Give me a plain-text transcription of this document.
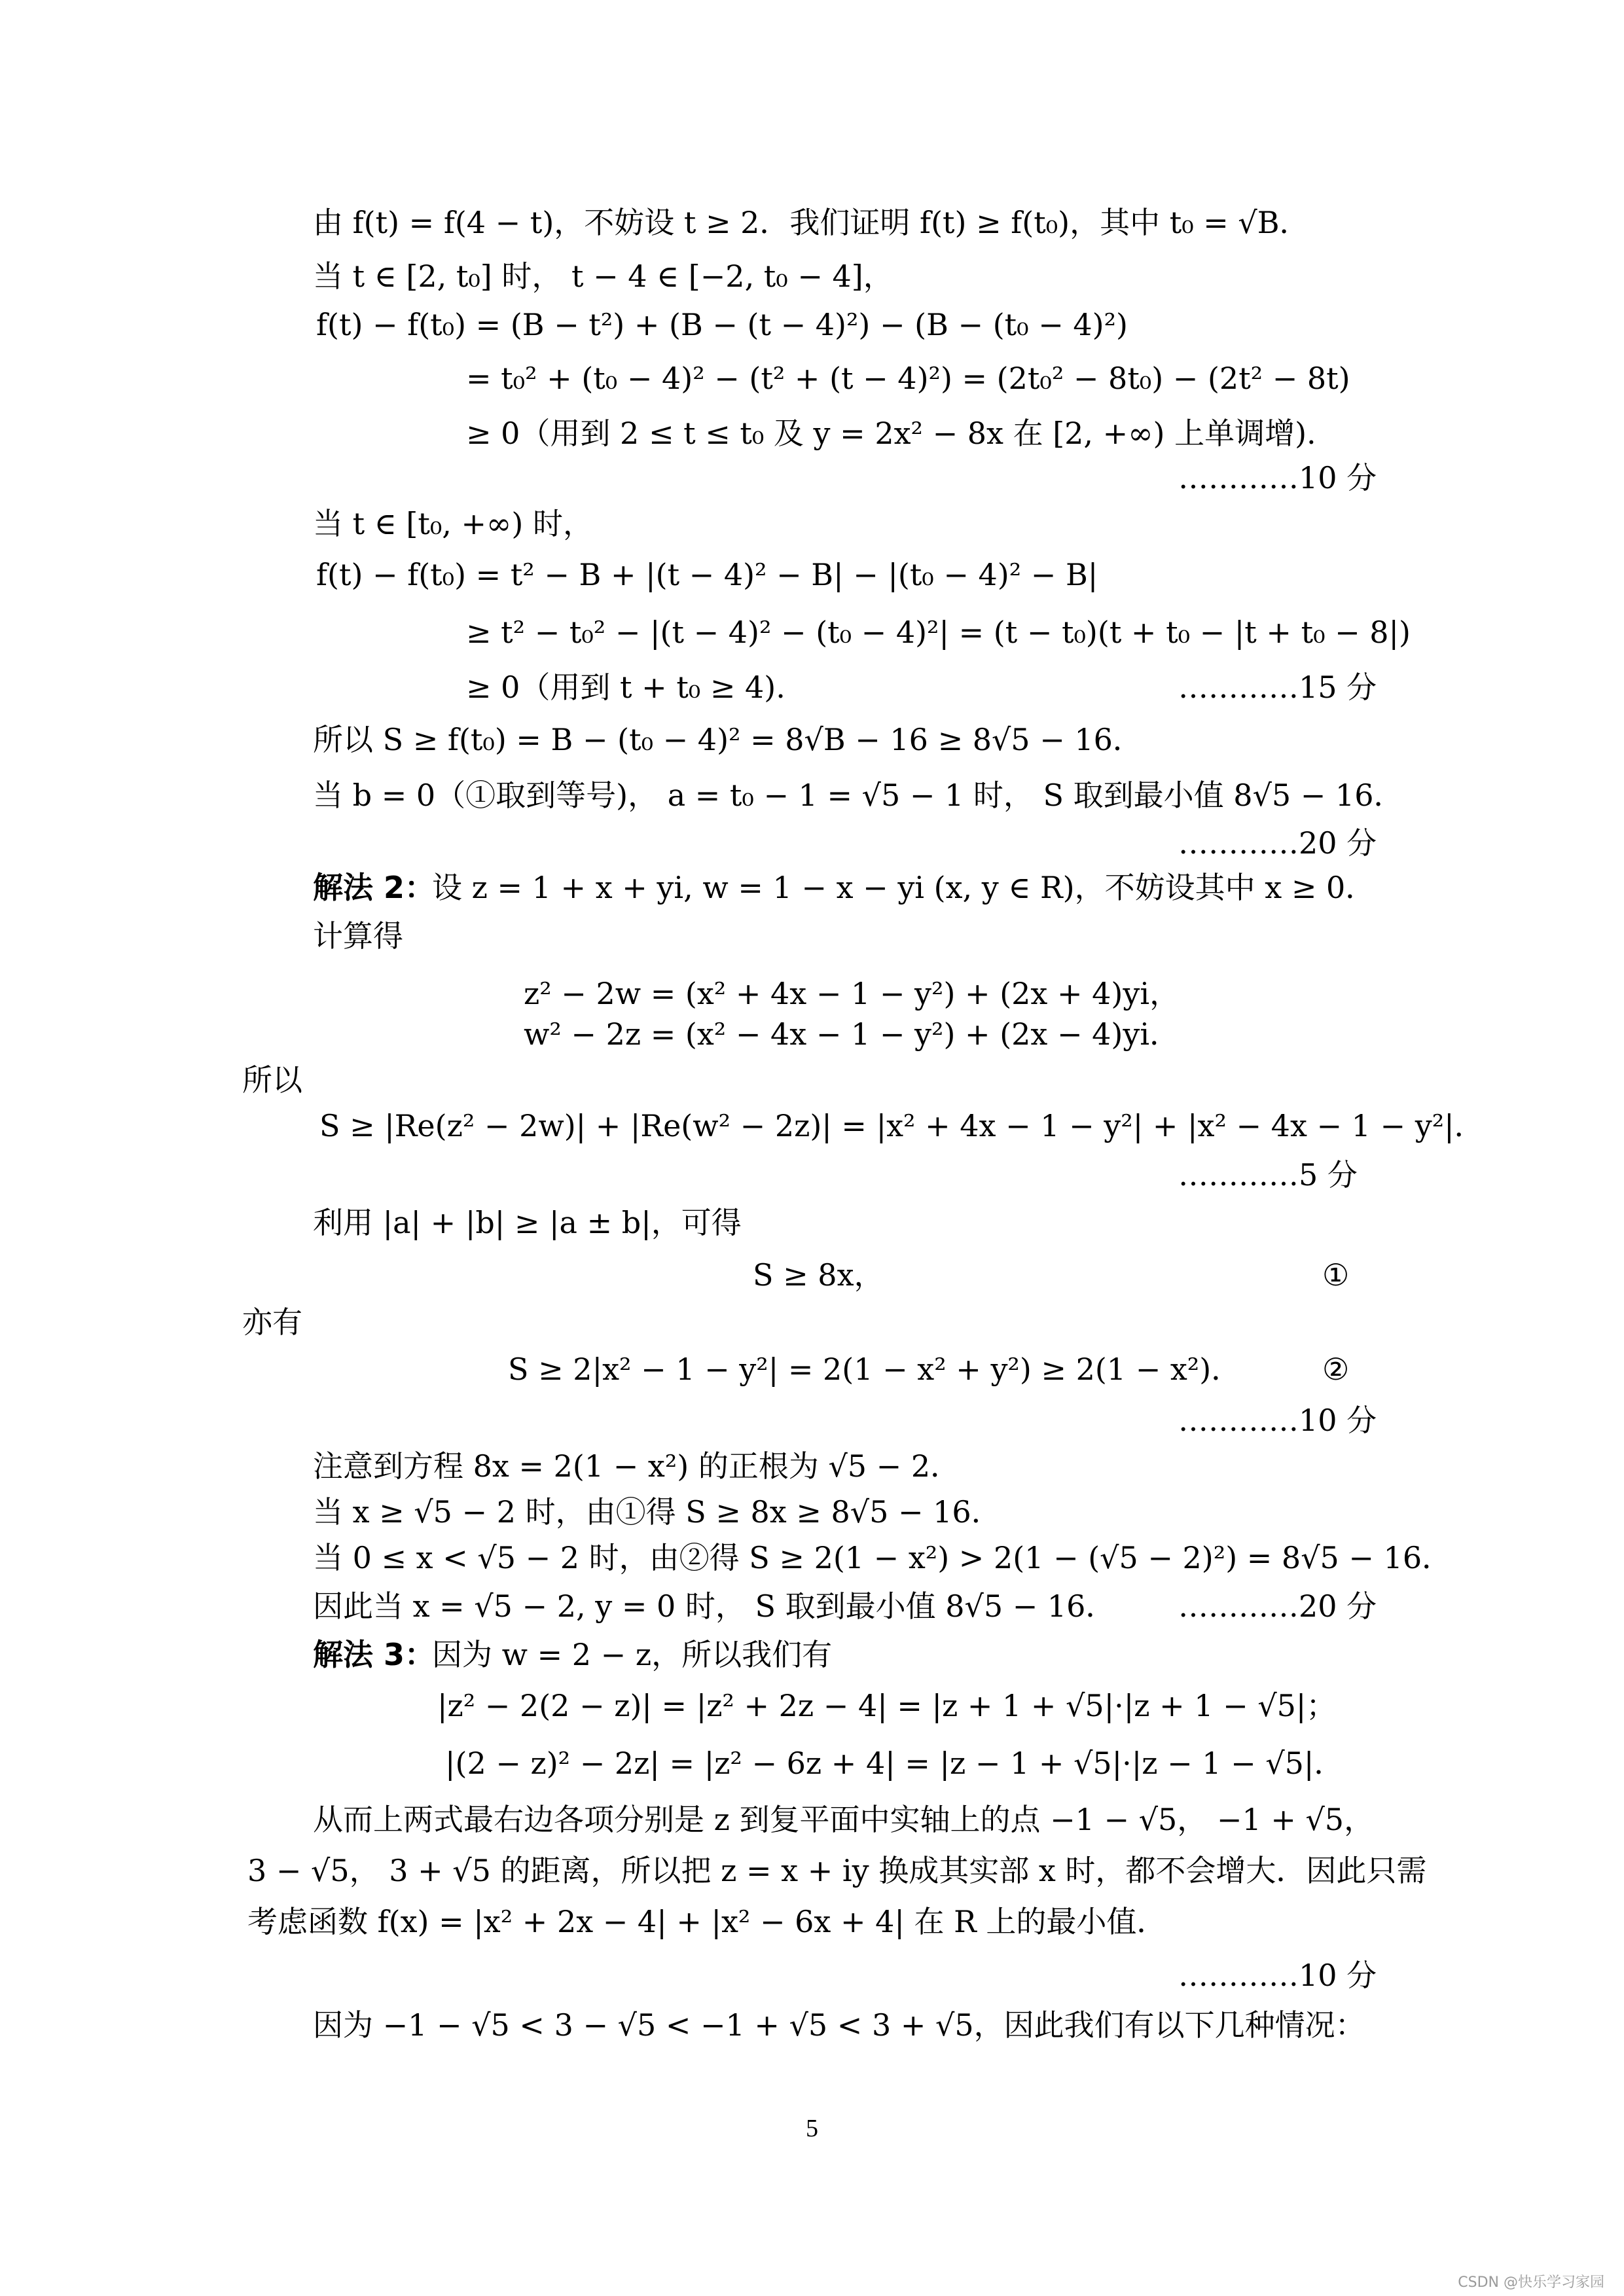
由 f(t) = f(4 − t)，不妨设 t ≥ 2．我们证明 f(t) ≥ f(t₀)，其中 t₀ = √B．
当 t ∈ [2, t₀] 时， t − 4 ∈ [−2, t₀ − 4]，
f(t) − f(t₀) = (B − t²) + (B − (t − 4)²) − (B − (t₀ − 4)²)
= t₀² + (t₀ − 4)² − (t² + (t − 4)²) = (2t₀² − 8t₀) − (2t² − 8t)
≥ 0（用到 2 ≤ t ≤ t₀ 及 y = 2x² − 8x 在 [2, +∞) 上单调增).
…………10 分
当 t ∈ [t₀, +∞) 时，
f(t) − f(t₀) = t² − B + |(t − 4)² − B| − |(t₀ − 4)² − B|
≥ t² − t₀² − |(t − 4)² − (t₀ − 4)²| = (t − t₀)(t + t₀ − |t + t₀ − 8|)
≥ 0（用到 t + t₀ ≥ 4).	…………15 分
所以 S ≥ f(t₀) = B − (t₀ − 4)² = 8√B − 16 ≥ 8√5 − 16．
当 b = 0（①取到等号)， a = t₀ − 1 = √5 − 1 时， S 取到最小值 8√5 − 16．
…………20 分
解法 2：
设 z = 1 + x + yi, w = 1 − x − yi (x, y ∈ R)，不妨设其中 x ≥ 0．
计算得
z² − 2w = (x² + 4x − 1 − y²) + (2x + 4)yi，
w² − 2z = (x² − 4x − 1 − y²) + (2x − 4)yi．
所以
S ≥ |Re(z² − 2w)| + |Re(w² − 2z)| = |x² + 4x − 1 − y²| + |x² − 4x − 1 − y²|．
…………5 分
利用 |a| + |b| ≥ |a ± b|，可得
S ≥ 8x，	①
亦有
S ≥ 2|x² − 1 − y²| = 2(1 − x² + y²) ≥ 2(1 − x²)．	②
…………10 分
注意到方程 8x = 2(1 − x²) 的正根为 √5 − 2．
当 x ≥ √5 − 2 时，由①得 S ≥ 8x ≥ 8√5 − 16．
当 0 ≤ x < √5 − 2 时，由②得 S ≥ 2(1 − x²) > 2(1 − (√5 − 2)²) = 8√5 − 16．
因此当 x = √5 − 2, y = 0 时， S 取到最小值 8√5 − 16． …………20 分
解法 3：
因为 w = 2 − z，所以我们有
|z² − 2(2 − z)| = |z² + 2z − 4| = |z + 1 + √5|·|z + 1 − √5|；
|(2 − z)² − 2z| = |z² − 6z + 4| = |z − 1 + √5|·|z − 1 − √5|．
从而上两式最右边各项分别是 z 到复平面中实轴上的点 −1 − √5， −1 + √5，
3 − √5， 3 + √5 的距离，所以把 z = x + iy 换成其实部 x 时，都不会增大．因此只需
考虑函数 f(x) = |x² + 2x − 4| + |x² − 6x + 4| 在 R 上的最小值．
…………10 分
因为 −1 − √5 < 3 − √5 < −1 + √5 < 3 + √5，因此我们有以下几种情况：
5
CSDN @快乐学习家园
